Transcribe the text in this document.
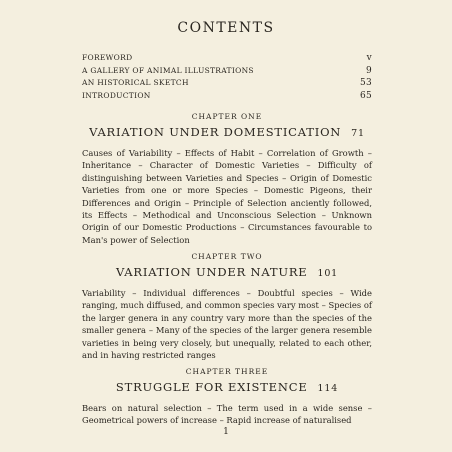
CONTENTS
FOREWORD	v
A GALLERY OF ANIMAL ILLUSTRATIONS	9
AN HISTORICAL SKETCH	53
INTRODUCTION	65
CHAPTER ONE
VARIATION UNDER DOMESTICATION 71
Causes of Variability – Effects of Habit – Correlation of Growth – Inheritance – Character of Domestic Varieties – Difficulty of distinguishing between Varieties and Species – Origin of Domestic Varieties from one or more Species – Domestic Pigeons, their Differences and Origin – Principle of Selection anciently followed, its Effects – Methodical and Unconscious Selection – Unknown Origin of our Domestic Productions – Circumstances favourable to Man's power of Selection
CHAPTER TWO
VARIATION UNDER NATURE 101
Variability – Individual differences – Doubtful species – Wide ranging, much diffused, and common species vary most – Species of the larger genera in any country vary more than the species of the smaller genera – Many of the species of the larger genera resemble varieties in being very closely, but unequally, related to each other, and in having restricted ranges
CHAPTER THREE
STRUGGLE FOR EXISTENCE 114
Bears on natural selection – The term used in a wide sense – Geometrical powers of increase – Rapid increase of naturalised
1
